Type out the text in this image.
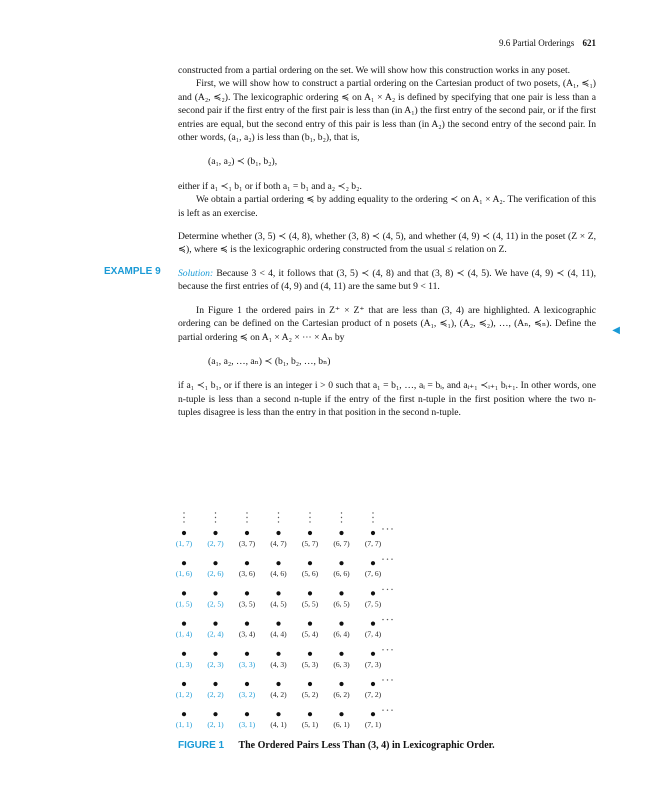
9.6 Partial Orderings 621

constructed from a partial ordering on the set. We will show how this construction works in any poset.

First, we will show how to construct a partial ordering on the Cartesian product of two posets, (A₁, ≼₁) and (A₂, ≼₂). The lexicographic ordering ≼ on A₁ × A₂ is defined by specifying that one pair is less than a second pair if the first entry of the first pair is less than (in A₁) the first entry of the second pair, or if the first entries are equal, but the second entry of this pair is less than (in A₂) the second entry of the second pair. In other words, (a₁, a₂) is less than (b₁, b₂), that is,

(a₁, a₂) ≺ (b₁, b₂),

either if a₁ ≺₁ b₁ or if both a₁ = b₁ and a₂ ≺₂ b₂.

We obtain a partial ordering ≼ by adding equality to the ordering ≺ on A₁ × A₂. The verification of this is left as an exercise.

Determine whether (3, 5) ≺ (4, 8), whether (3, 8) ≺ (4, 5), and whether (4, 9) ≺ (4, 11) in the poset (Z × Z, ≼), where ≼ is the lexicographic ordering constructed from the usual ≤ relation on Z.

Solution: Because 3 < 4, it follows that (3, 5) ≺ (4, 8) and that (3, 8) ≺ (4, 5). We have (4, 9) ≺ (4, 11), because the first entries of (4, 9) and (4, 11) are the same but 9 < 11.

In Figure 1 the ordered pairs in Z⁺ × Z⁺ that are less than (3, 4) are highlighted. A lexicographic ordering can be defined on the Cartesian product of n posets (A₁, ≼₁), (A₂, ≼₂), …, (Aₙ, ≼ₙ). Define the partial ordering ≼ on A₁ × A₂ × ⋯ × Aₙ by

(a₁, a₂, …, aₙ) ≺ (b₁, b₂, …, bₙ)

if a₁ ≺₁ b₁, or if there is an integer i > 0 such that a₁ = b₁, …, aᵢ = bᵢ, and aᵢ₊₁ ≺ᵢ₊₁ bᵢ₊₁. In other words, one n-tuple is less than a second n-tuple if the entry of the first n-tuple in the first position where the two n-tuples disagree is less than the entry in that position in the second n-tuple.

EXAMPLE 9
◀
(1, 7) (2, 7) (3, 7) (4, 7) (5, 7) (6, 7) (7, 7)
(1, 6) (2, 6) (3, 6) (4, 6) (5, 6) (6, 6) (7, 6)
(1, 5) (2, 5) (3, 5) (4, 5) (5, 5) (6, 5) (7, 5)
(1, 4) (2, 4) (3, 4) (4, 4) (5, 4) (6, 4) (7, 4)
(1, 3) (2, 3) (3, 3) (4, 3) (5, 3) (6, 3) (7, 3)
(1, 2) (2, 2) (3, 2) (4, 2) (5, 2) (6, 2) (7, 2)
(1, 1) (2, 1) (3, 1) (4, 1) (5, 1) (6, 1) (7, 1)
FIGURE 1 The Ordered Pairs Less Than (3, 4) in Lexicographic Order.
